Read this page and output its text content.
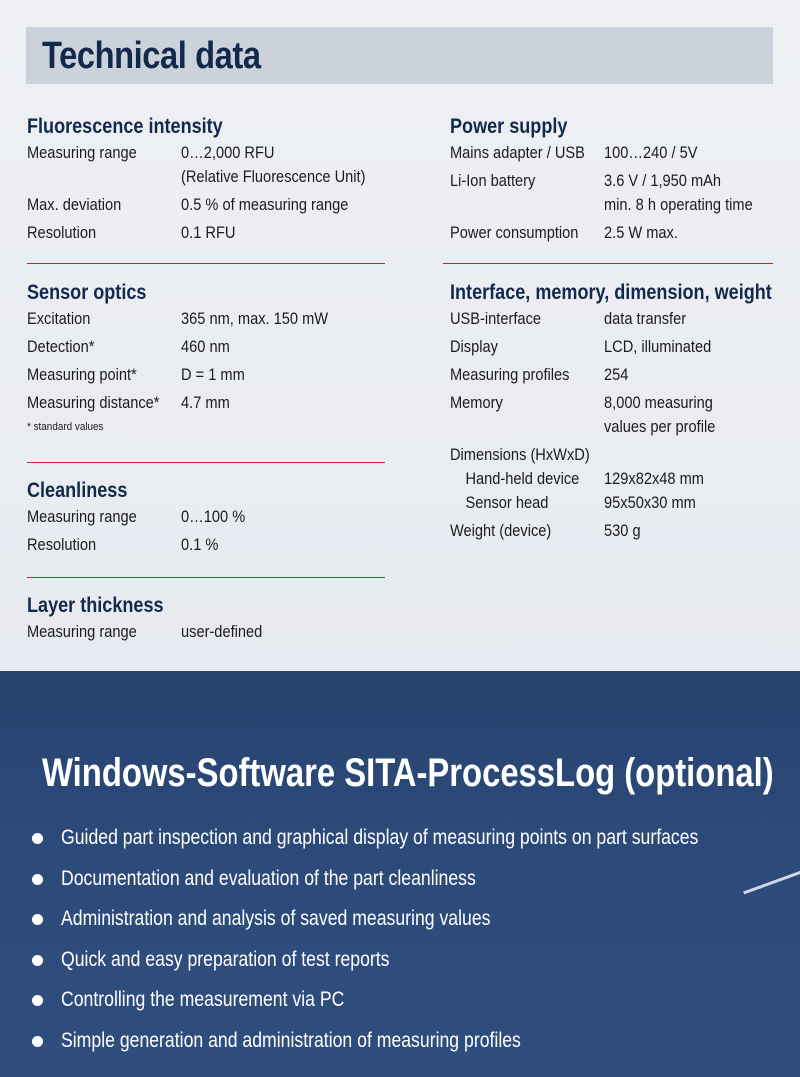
Technical data
Fluorescence intensity
Measuring range	0…2,000 RFU
(Relative Fluorescence Unit)
Max. deviation	0.5 % of measuring range
Resolution	0.1 RFU
Sensor optics
Excitation	365 nm, max. 150 mW
Detection*	460 nm
Measuring point*	D = 1 mm
Measuring distance* 4.7 mm
* standard values
Cleanliness
Measuring range	0…100 %
Resolution	0.1 %
Layer thickness
Measuring range	user-defined
Power supply
Mains adapter / USB 100…240 / 5V
Li-Ion battery	3.6 V / 1,950 mAh
min. 8 h operating time
Power consumption 2.5 W max.
Interface, memory, dimension, weight
USB-interface	data transfer
Display	LCD, illuminated
Measuring profiles 254
Memory	8,000 measuring
values per profile
Dimensions (HxWxD)
Hand-held device 129x82x48 mm
Sensor head	95x50x30 mm
Weight (device)	530 g
Windows-Software SITA-ProcessLog (optional)
Guided part inspection and graphical display of measuring points on part surfaces
Documentation and evaluation of the part cleanliness
Administration and analysis of saved measuring values
Quick and easy preparation of test reports
Controlling the measurement via PC
Simple generation and administration of measuring profiles
